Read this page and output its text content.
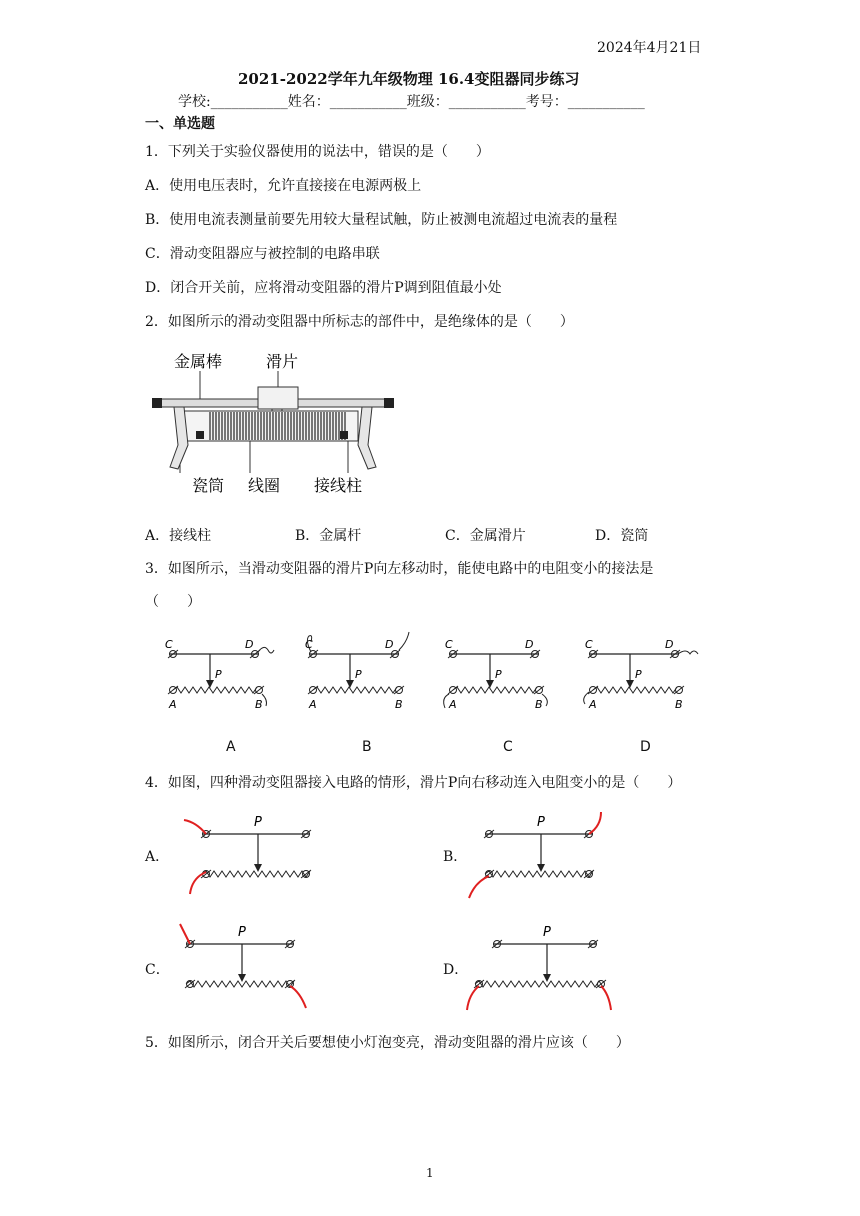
2024年4月21日
2021-2022学年九年级物理 16.4变阻器同步练习
学校:___________姓名：___________班级：___________考号：___________
一、单选题
1．下列关于实验仪器使用的说法中，错误的是（　　）
A．使用电压表时，允许直接接在电源两极上
B．使用电流表测量前要先用较大量程试触，防止被测电流超过电流表的量程
C．滑动变阻器应与被控制的电路串联
D．闭合开关前，应将滑动变阻器的滑片P调到阻值最小处
2．如图所示的滑动变阻器中所标志的部件中，是绝缘体的是（　　）
金属棒	滑片
瓷筒 线圈 接线柱
A．接线柱	B．金属杆	C．金属滑片	D．瓷筒
3．如图所示，当滑动变阻器的滑片P向左移动时，能使电路中的电阻变小的接法是
（　　）
C	D
P
A	B
C	D
P
A	B
C	D
P
A	B
C	D
P
A	B
A	B	C	D
4．如图，四种滑动变阻器接入电路的情形，滑片P向右移动连入电阻变小的是（　　）
A．
P
B．
P
C．
P
D．
P
5．如图所示，闭合开关后要想使小灯泡变亮，滑动变阻器的滑片应该（　　）
1
